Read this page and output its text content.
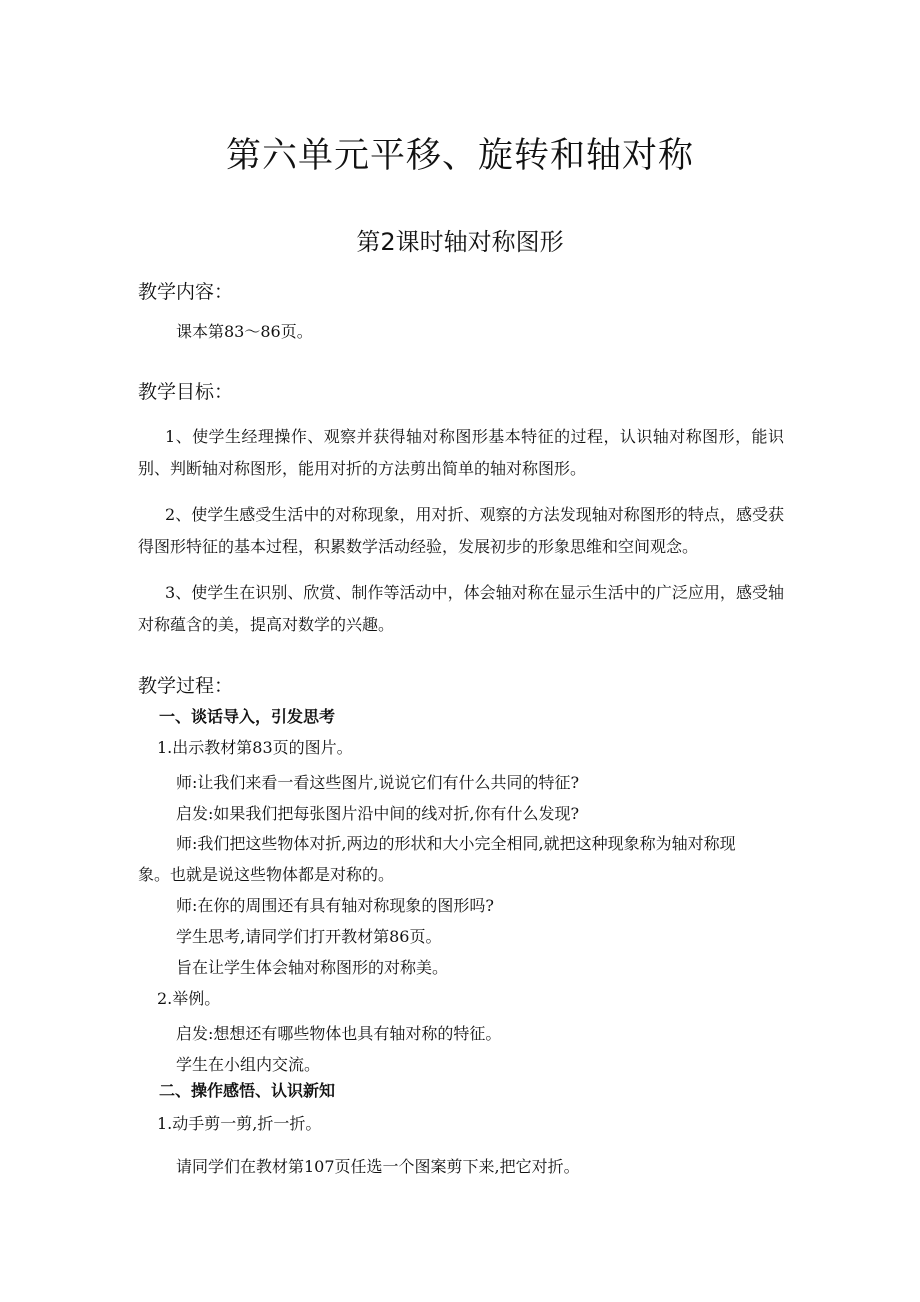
第六单元平移、旋转和轴对称
第2课时轴对称图形
教学内容：
课本第83～86页。
教学目标：
1、使学生经理操作、观察并获得轴对称图形基本特征的过程，认识轴对称图形，能识别、判断轴对称图形，能用对折的方法剪出简单的轴对称图形。
2、使学生感受生活中的对称现象，用对折、观察的方法发现轴对称图形的特点，感受获得图形特征的基本过程，积累数学活动经验，发展初步的形象思维和空间观念。
3、使学生在识别、欣赏、制作等活动中，体会轴对称在显示生活中的广泛应用，感受轴对称蕴含的美，提高对数学的兴趣。
教学过程：
一、谈话导入，引发思考
1.出示教材第83页的图片。
师:让我们来看一看这些图片,说说它们有什么共同的特征?
启发:如果我们把每张图片沿中间的线对折,你有什么发现?
师:我们把这些物体对折,两边的形状和大小完全相同,就把这种现象称为轴对称现
象。也就是说这些物体都是对称的。
师:在你的周围还有具有轴对称现象的图形吗?
学生思考,请同学们打开教材第86页。
旨在让学生体会轴对称图形的对称美。
2.举例。
启发:想想还有哪些物体也具有轴对称的特征。
学生在小组内交流。
二、操作感悟、认识新知
1.动手剪一剪,折一折。
请同学们在教材第107页任选一个图案剪下来,把它对折。
